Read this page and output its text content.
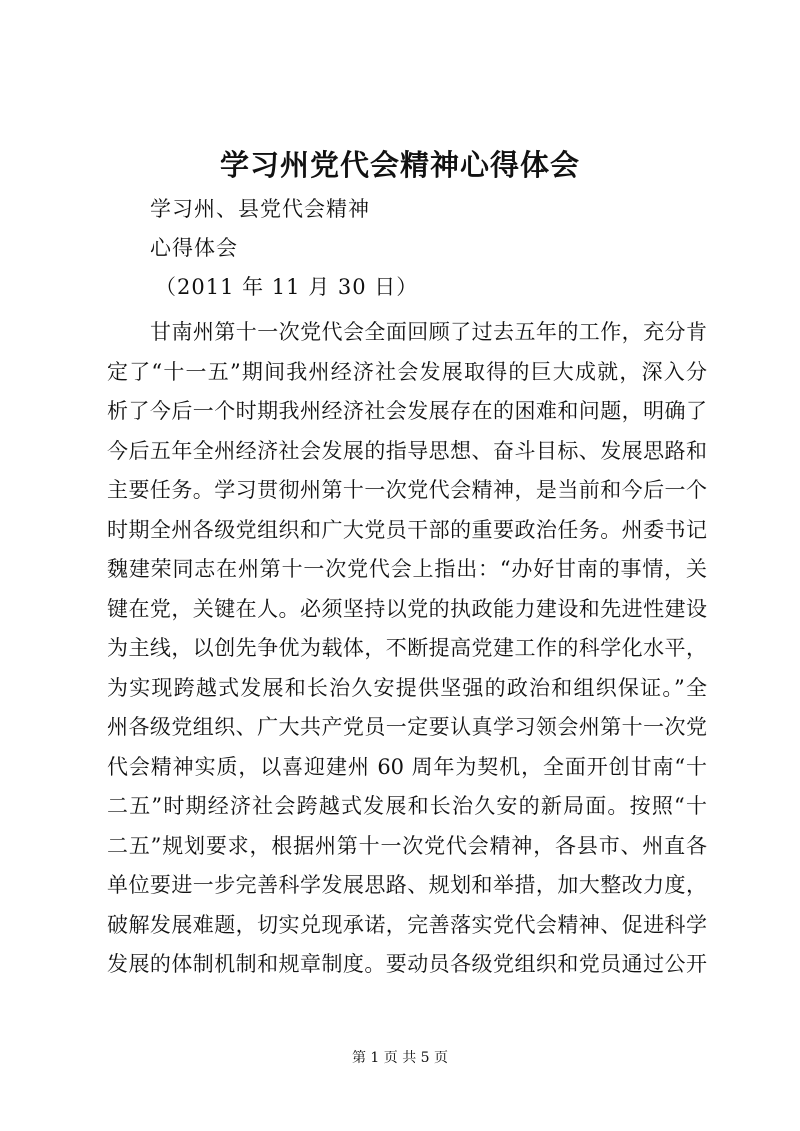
学习州党代会精神心得体会
学习州、县党代会精神
心得体会
（2011 年 11 月 30 日）
甘南州第十一次党代会全面回顾了过去五年的工作，充分肯
定了“十一五”期间我州经济社会发展取得的巨大成就，深入分
析了今后一个时期我州经济社会发展存在的困难和问题，明确了
今后五年全州经济社会发展的指导思想、奋斗目标、发展思路和
主要任务。学习贯彻州第十一次党代会精神，是当前和今后一个
时期全州各级党组织和广大党员干部的重要政治任务。州委书记
魏建荣同志在州第十一次党代会上指出：“办好甘南的事情，关
键在党，关键在人。必须坚持以党的执政能力建设和先进性建设
为主线，以创先争优为载体，不断提高党建工作的科学化水平，
为实现跨越式发展和长治久安提供坚强的政治和组织保证。”全
州各级党组织、广大共产党员一定要认真学习领会州第十一次党
代会精神实质，以喜迎建州 60 周年为契机，全面开创甘南“十
二五”时期经济社会跨越式发展和长治久安的新局面。按照“十
二五”规划要求，根据州第十一次党代会精神，各县市、州直各
单位要进一步完善科学发展思路、规划和举措，加大整改力度，
破解发展难题，切实兑现承诺，完善落实党代会精神、促进科学
发展的体制机制和规章制度。要动员各级党组织和党员通过公开
第 1 页 共 5 页
